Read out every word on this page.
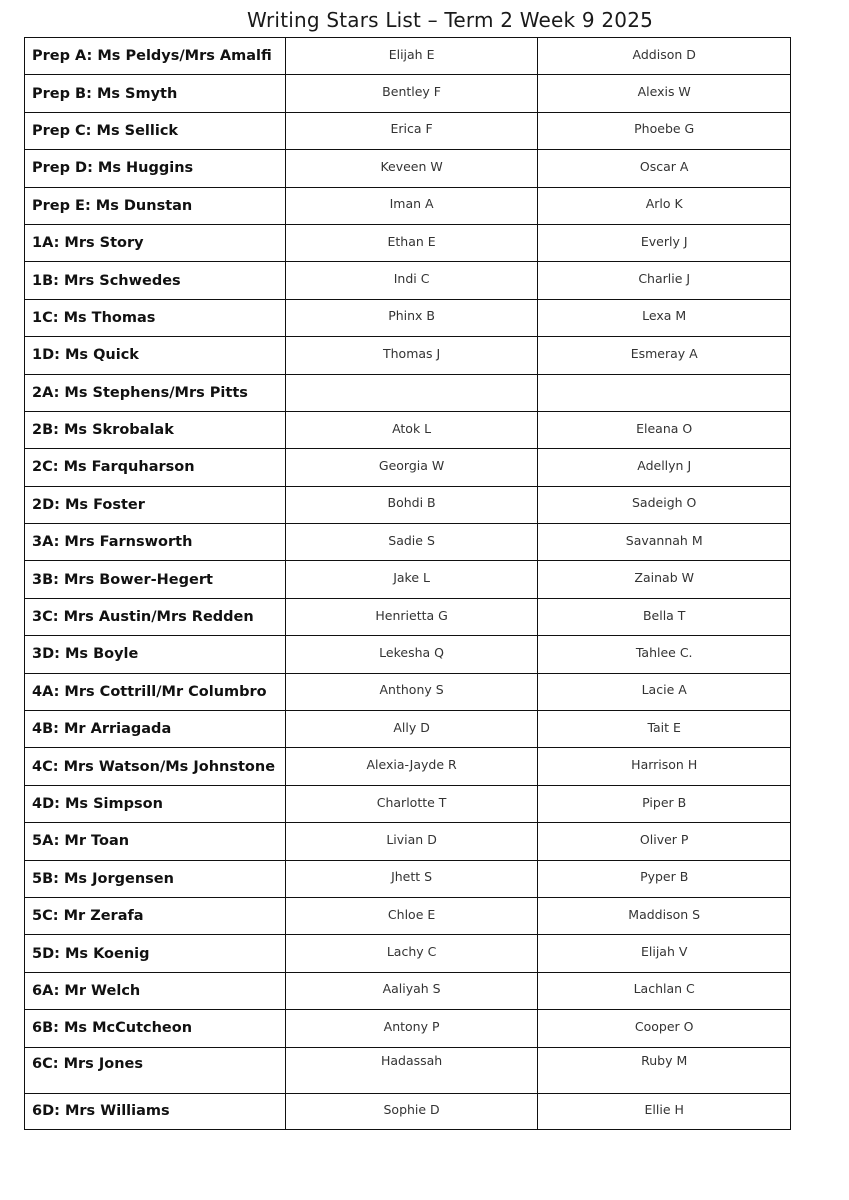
Writing Stars List – Term 2 Week 9 2025
Prep A: Ms Peldys/Mrs Amalfi	Elijah E	Addison D
Prep B: Ms Smyth	Bentley F	Alexis W
Prep C: Ms Sellick	Erica F	Phoebe G
Prep D: Ms Huggins	Keveen W	Oscar A
Prep E: Ms Dunstan	Iman A	Arlo K
1A: Mrs Story	Ethan E	Everly J
1B: Mrs Schwedes	Indi C	Charlie J
1C: Ms Thomas	Phinx B	Lexa M
1D: Ms Quick	Thomas J	Esmeray A
2A: Ms Stephens/Mrs Pitts		
2B: Ms Skrobalak	Atok L	Eleana O
2C: Ms Farquharson	Georgia W	Adellyn J
2D: Ms Foster	Bohdi B	Sadeigh O
3A: Mrs Farnsworth	Sadie S	Savannah M
3B: Mrs Bower-Hegert	Jake L	Zainab W
3C: Mrs Austin/Mrs Redden	Henrietta G	Bella T
3D: Ms Boyle	Lekesha Q	Tahlee C.
4A: Mrs Cottrill/Mr Columbro	Anthony S	Lacie A
4B: Mr Arriagada	Ally D	Tait E
4C: Mrs Watson/Ms Johnstone	Alexia-Jayde R	Harrison H
4D: Ms Simpson	Charlotte T	Piper B
5A: Mr Toan	Livian D	Oliver P
5B: Ms Jorgensen	Jhett S	Pyper B
5C: Mr Zerafa	Chloe E	Maddison S
5D: Ms Koenig	Lachy C	Elijah V
6A: Mr Welch	Aaliyah S	Lachlan C
6B: Ms McCutcheon	Antony P	Cooper O
6C: Mrs Jones	Hadassah	Ruby M
6D: Mrs Williams	Sophie D	Ellie H
